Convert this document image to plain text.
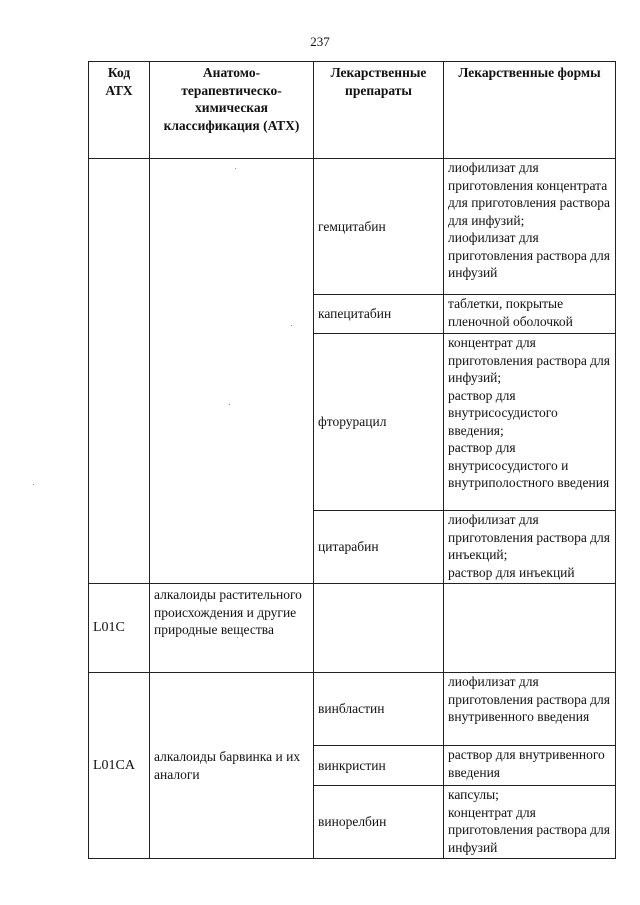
237
Код АТХ	Анатомо-терапевтическо-химическая классификация (АТХ)	Лекарственные препараты	Лекарственные формы
		гемцитабин	лиофилизат для приготовления концентрата для приготовления раствора для инфузий;
лиофилизат для приготовления раствора для инфузий

		капецитабин	таблетки, покрытые пленочной оболочкой

		фторурацил	концентрат для приготовления раствора для инфузий;
раствор для внутрисосудистого введения;
раствор для внутрисосудистого и внутриполостного введения

		цитарабин	лиофилизат для приготовления раствора для инъекций;
раствор для инъекций

L01C	алкалоиды растительного происхождения и другие природные вещества		
L01CA	алкалоиды барвинка и их аналоги	винбластин	лиофилизат для приготовления раствора для внутривенного введения

		винкристин	раствор для внутривенного введения

		винорелбин	капсулы;
концентрат для приготовления раствора для инфузий
